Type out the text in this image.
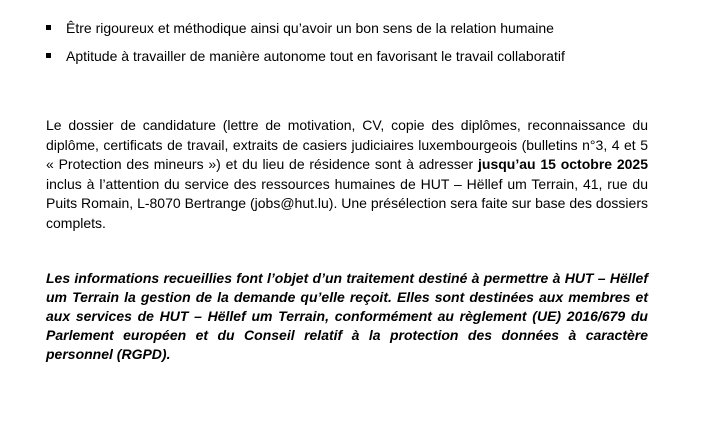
Être rigoureux et méthodique ainsi qu’avoir un bon sens de la relation humaine
Aptitude à travailler de manière autonome tout en favorisant le travail collaboratif

Le dossier de candidature (lettre de motivation, CV, copie des diplômes, reconnaissance du diplôme, certificats de travail, extraits de casiers judiciaires luxembourgeois (bulletins n°3, 4 et 5 « Protection des mineurs ») et du lieu de résidence sont à adresser jusqu’au 15 octobre 2025 inclus à l’attention du service des ressources humaines de HUT – Hëllef um Terrain, 41, rue du Puits Romain, L-8070 Bertrange (jobs@hut.lu). Une présélection sera faite sur base des dossiers complets.

Les informations recueillies font l’objet d’un traitement destiné à permettre à HUT – Hëllef um Terrain la gestion de la demande qu’elle reçoit. Elles sont destinées aux membres et aux services de HUT – Hëllef um Terrain, conformément au règlement (UE) 2016/679 du Parlement européen et du Conseil relatif à la protection des données à caractère personnel (RGPD).
